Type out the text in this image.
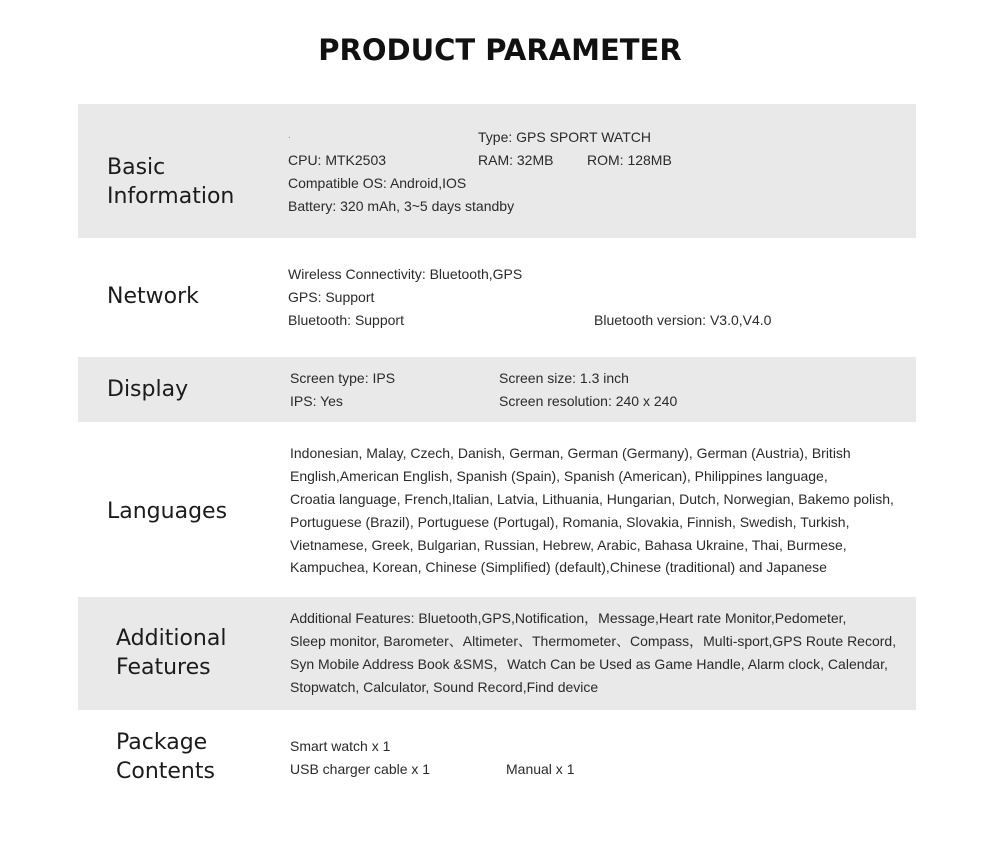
PRODUCT PARAMETER
Basic
Information
.	Type: GPS SPORT WATCH
CPU: MTK2503	RAM: 32MB ROM: 128MB
Compatible OS: Android,IOS
Battery: 320 mAh, 3~5 days standby
Network
Wireless Connectivity: Bluetooth,GPS
GPS: Support
Bluetooth: Support	Bluetooth version: V3.0,V4.0
Display	Screen type: IPS	Screen size: 1.3 inch
IPS: Yes	Screen resolution: 240 x 240
Languages
Indonesian, Malay, Czech, Danish, German, German (Germany), German (Austria), British
English,American English, Spanish (Spain), Spanish (American), Philippines language,
Croatia language, French,Italian, Latvia, Lithuania, Hungarian, Dutch, Norwegian, Bakemo polish,
Portuguese (Brazil), Portuguese (Portugal), Romania, Slovakia, Finnish, Swedish, Turkish,
Vietnamese, Greek, Bulgarian, Russian, Hebrew, Arabic, Bahasa Ukraine, Thai, Burmese,
Kampuchea, Korean, Chinese (Simplified) (default),Chinese (traditional) and Japanese
Additional
Features
Additional Features: Bluetooth,GPS,Notification，Message,Heart rate Monitor,Pedometer,
Sleep monitor, Barometer、Altimeter、Thermometer、Compass，Multi-sport,GPS Route Record,
Syn Mobile Address Book &SMS，Watch Can be Used as Game Handle, Alarm clock, Calendar,
Stopwatch, Calculator, Sound Record,Find device
Package
Contents
Smart watch x 1
USB charger cable x 1	Manual x 1
